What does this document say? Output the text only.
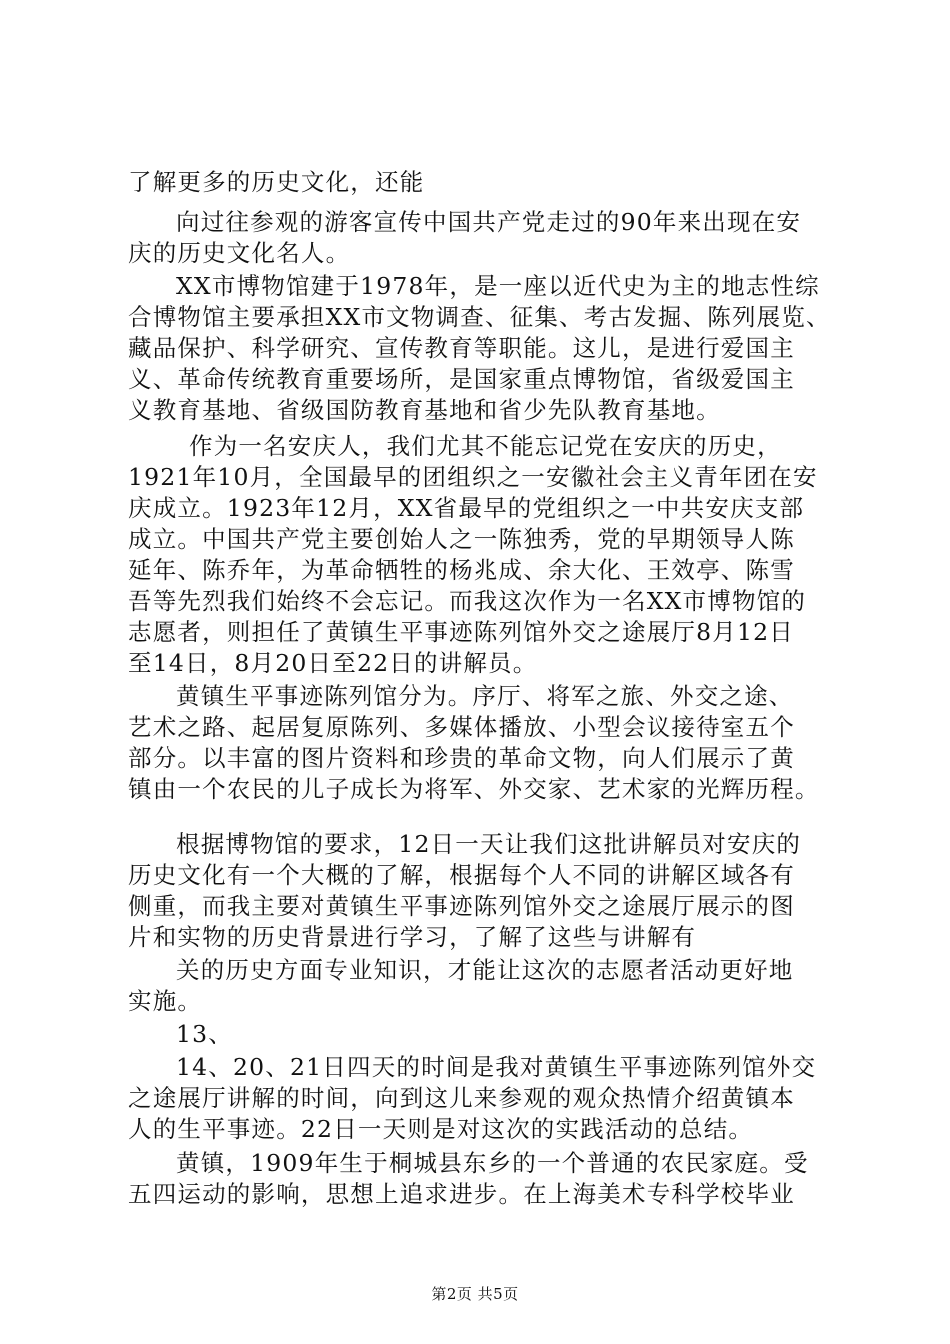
了解更多的历史文化，还能
向过往参观的游客宣传中国共产党走过的90年来出现在安
庆的历史文化名人。
XX市博物馆建于1978年，是一座以近代史为主的地志性综
合博物馆主要承担XX市文物调查、征集、考古发掘、陈列展览、
藏品保护、科学研究、宣传教育等职能。这儿，是进行爱国主
义、革命传统教育重要场所，是国家重点博物馆，省级爱国主
义教育基地、省级国防教育基地和省少先队教育基地。
作为一名安庆人，我们尤其不能忘记党在安庆的历史，
1921年10月，全国最早的团组织之一安徽社会主义青年团在安
庆成立。1923年12月，XX省最早的党组织之一中共安庆支部
成立。中国共产党主要创始人之一陈独秀，党的早期领导人陈
延年、陈乔年，为革命牺牲的杨兆成、余大化、王效亭、陈雪
吾等先烈我们始终不会忘记。而我这次作为一名XX市博物馆的
志愿者，则担任了黄镇生平事迹陈列馆外交之途展厅8月12日
至14日，8月20日至22日的讲解员。
黄镇生平事迹陈列馆分为。序厅、将军之旅、外交之途、
艺术之路、起居复原陈列、多媒体播放、小型会议接待室五个
部分。以丰富的图片资料和珍贵的革命文物，向人们展示了黄
镇由一个农民的儿子成长为将军、外交家、艺术家的光辉历程。
根据博物馆的要求，12日一天让我们这批讲解员对安庆的
历史文化有一个大概的了解，根据每个人不同的讲解区域各有
侧重，而我主要对黄镇生平事迹陈列馆外交之途展厅展示的图
片和实物的历史背景进行学习，了解了这些与讲解有
关的历史方面专业知识，才能让这次的志愿者活动更好地
实施。
13、
14、20、21日四天的时间是我对黄镇生平事迹陈列馆外交
之途展厅讲解的时间，向到这儿来参观的观众热情介绍黄镇本
人的生平事迹。22日一天则是对这次的实践活动的总结。
黄镇，1909年生于桐城县东乡的一个普通的农民家庭。受
五四运动的影响，思想上追求进步。在上海美术专科学校毕业
第2页 共5页
